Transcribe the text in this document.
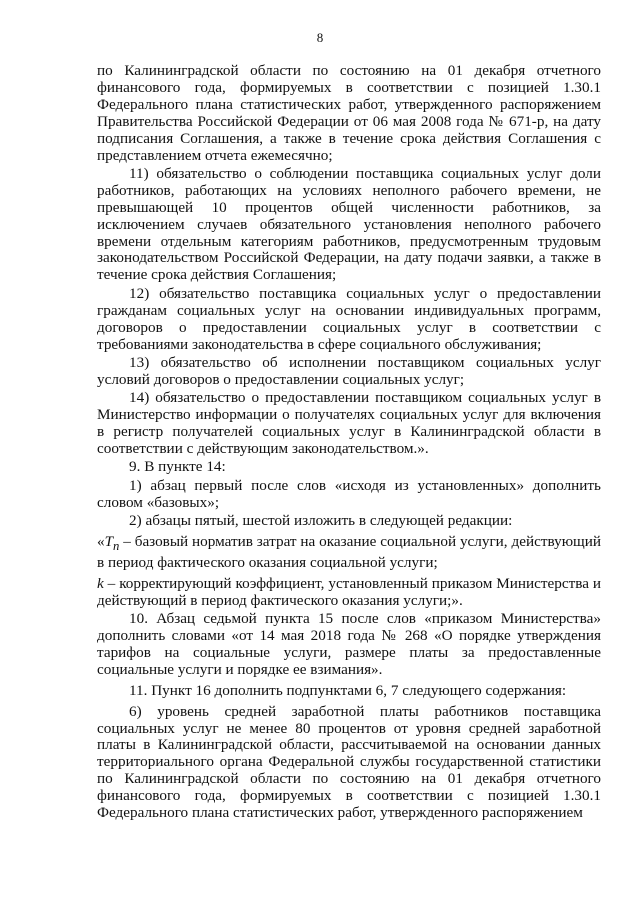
8

по Калининградской области по состоянию на 01 декабря отчетного финансового года, формируемых в соответствии с позицией 1.30.1 Федерального плана статистических работ, утвержденного распоряжением Правительства Российской Федерации от 06 мая 2008 года № 671-р, на дату подписания Соглашения, а также в течение срока действия Соглашения с представлением отчета ежемесячно;

11) обязательство о соблюдении поставщика социальных услуг доли работников, работающих на условиях неполного рабочего времени, не превышающей 10 процентов общей численности работников, за исключением случаев обязательного установления неполного рабочего времени отдельным категориям работников, предусмотренным трудовым законодательством Российской Федерации, на дату подачи заявки, а также в течение срока действия Соглашения;

12) обязательство поставщика социальных услуг о предоставлении гражданам социальных услуг на основании индивидуальных программ, договоров о предоставлении социальных услуг в соответствии с требованиями законодательства в сфере социального обслуживания;

13) обязательство об исполнении поставщиком социальных услуг условий договоров о предоставлении социальных услуг;

14) обязательство о предоставлении поставщиком социальных услуг в Министерство информации о получателях социальных услуг для включения в регистр получателей социальных услуг в Калининградской области в соответствии с действующим законодательством.».

9. В пункте 14:

1) абзац первый после слов «исходя из установленных» дополнить словом «базовых»;

2) абзацы пятый, шестой изложить в следующей редакции:

«$T_n$ – базовый норматив затрат на оказание социальной услуги, действующий в период фактического оказания социальной услуги;

k – корректирующий коэффициент, установленный приказом Министерства и действующий в период фактического оказания услуги;».

10. Абзац седьмой пункта 15 после слов «приказом Министерства» дополнить словами «от 14 мая 2018 года № 268 «О порядке утверждения тарифов на социальные услуги, размере платы за предоставленные социальные услуги и порядке ее взимания».

11. Пункт 16 дополнить подпунктами 6, 7 следующего содержания:

6) уровень средней заработной платы работников поставщика социальных услуг не менее 80 процентов от уровня средней заработной платы в Калининградской области, рассчитываемой на основании данных территориального органа Федеральной службы государственной статистики по Калининградской области по состоянию на 01 декабря отчетного финансового года, формируемых в соответствии с позицией 1.30.1 Федерального плана статистических работ, утвержденного распоряжением
